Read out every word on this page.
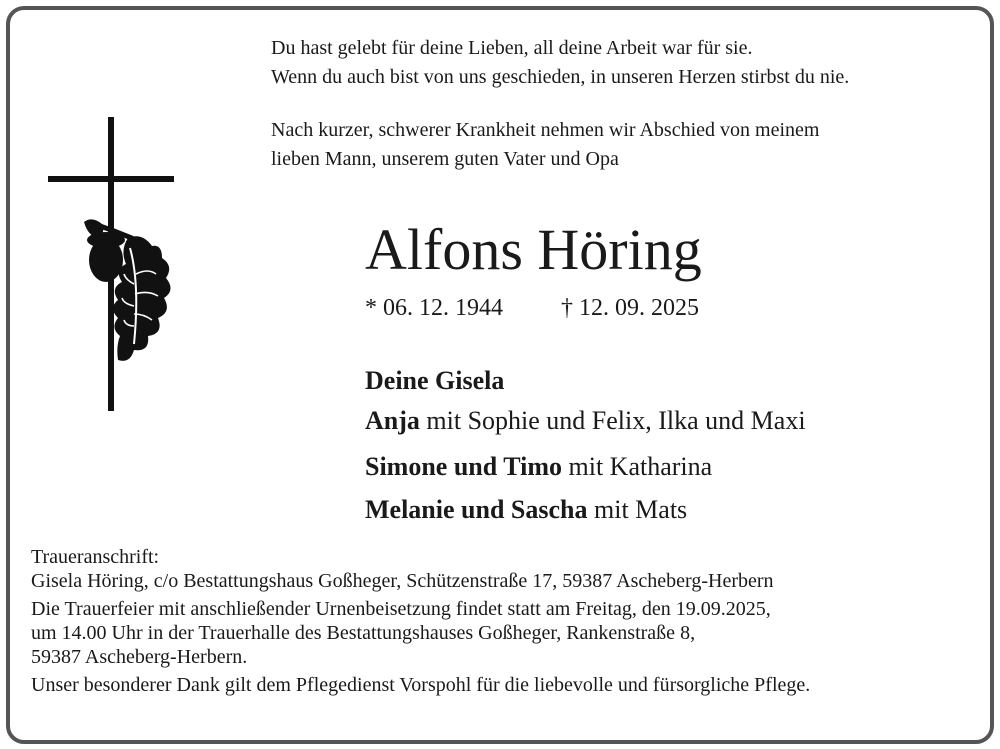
Du hast gelebt für deine Lieben, all deine Arbeit war für sie.
Wenn du auch bist von uns geschieden, in unseren Herzen stirbst du nie.
Nach kurzer, schwerer Krankheit nehmen wir Abschied von meinem
lieben Mann, unserem guten Vater und Opa
Alfons Höring
* 06. 12. 1944 † 12. 09. 2025
Deine Gisela
Anja mit Sophie und Felix, Ilka und Maxi
Simone und Timo mit Katharina
Melanie und Sascha mit Mats
Traueranschrift:
Gisela Höring, c/o Bestattungshaus Goßheger, Schützenstraße 17, 59387 Ascheberg-Herbern
Die Trauerfeier mit anschließender Urnenbeisetzung findet statt am Freitag, den 19.09.2025,
um 14.00 Uhr in der Trauerhalle des Bestattungshauses Goßheger, Rankenstraße 8,
59387 Ascheberg-Herbern.
Unser besonderer Dank gilt dem Pflegedienst Vorspohl für die liebevolle und fürsorgliche Pflege.
